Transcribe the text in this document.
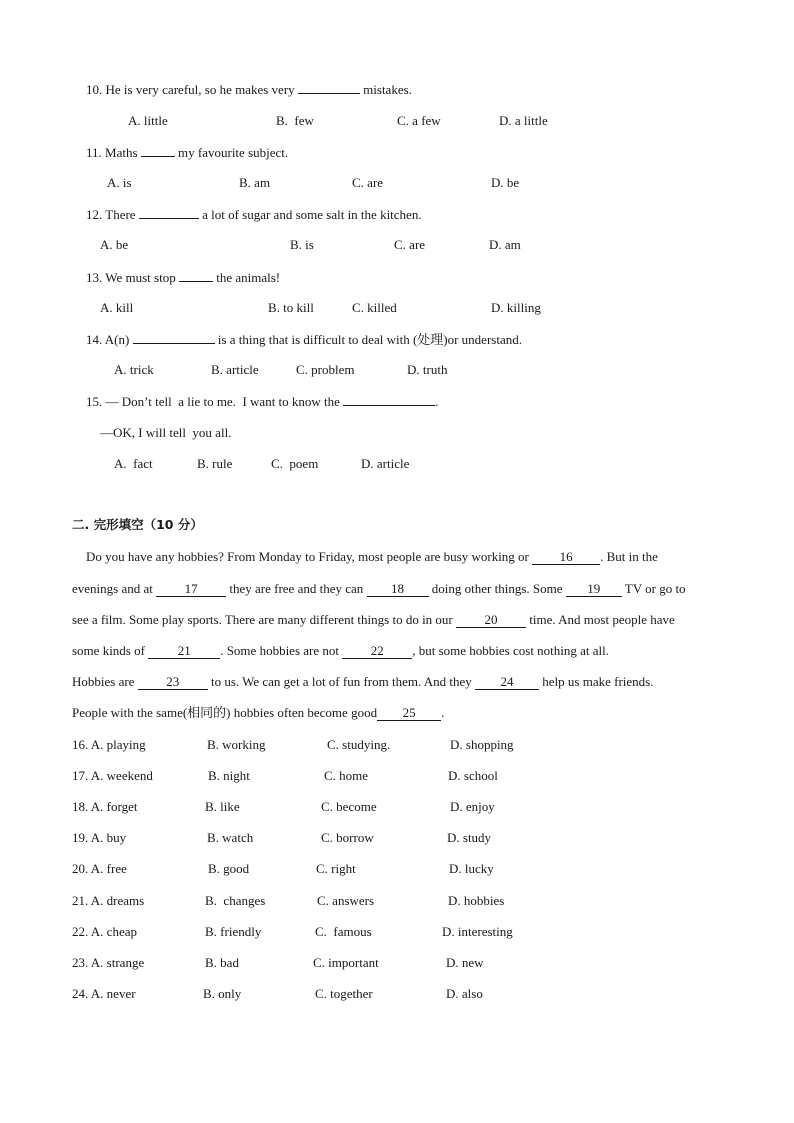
10. He is very careful, so he makes very	mistakes.
A. little	B.  few	C. a few	D. a little
11. Maths	my favourite subject.
A. is	B. am	C. are	D. be
12. There	a lot of sugar and some salt in the kitchen.
A. be	B. is	C. are	D. am
13. We must stop	the animals!
A. kill	B. to kill	C. killed	D. killing
14. A(n)	is a thing that is difficult to deal with (处理)or understand.
A. trick	B. article	C. problem	D. truth
15. — Don’t tell  a lie to me.  I want to know the	.
—OK, I will tell  you all.
A.  fact	B. rule	C.  poem	D. article
二. 完形填空（10 分）
Do you have any hobbies? From Monday to Friday, most people are busy working or 16 . But in the
evenings and at 17 they are free and they can 18 doing other things. Some 19 TV or go to
see a film. Some play sports. There are many different things to do in our 20 time. And most people have
some kinds of 21 . Some hobbies are not 22 , but some hobbies cost nothing at all.
Hobbies are 23 to us. We can get a lot of fun from them. And they 24 help us make friends.
People with the same(相同的) hobbies often become good 25 .
16. A. playing	B. working	C. studying.	D. shopping
17. A. weekend	B. night	C. home	D. school
18. A. forget	B. like	C. become	D. enjoy
19. A. buy	B. watch	C. borrow	D. study
20. A. free	B. good	C. right	D. lucky
21. A. dreams	B.  changes	C. answers	D. hobbies
22. A. cheap	B. friendly	C.  famous	D. interesting
23. A. strange	B. bad	C. important	D. new
24. A. never	B. only	C. together	D. also
